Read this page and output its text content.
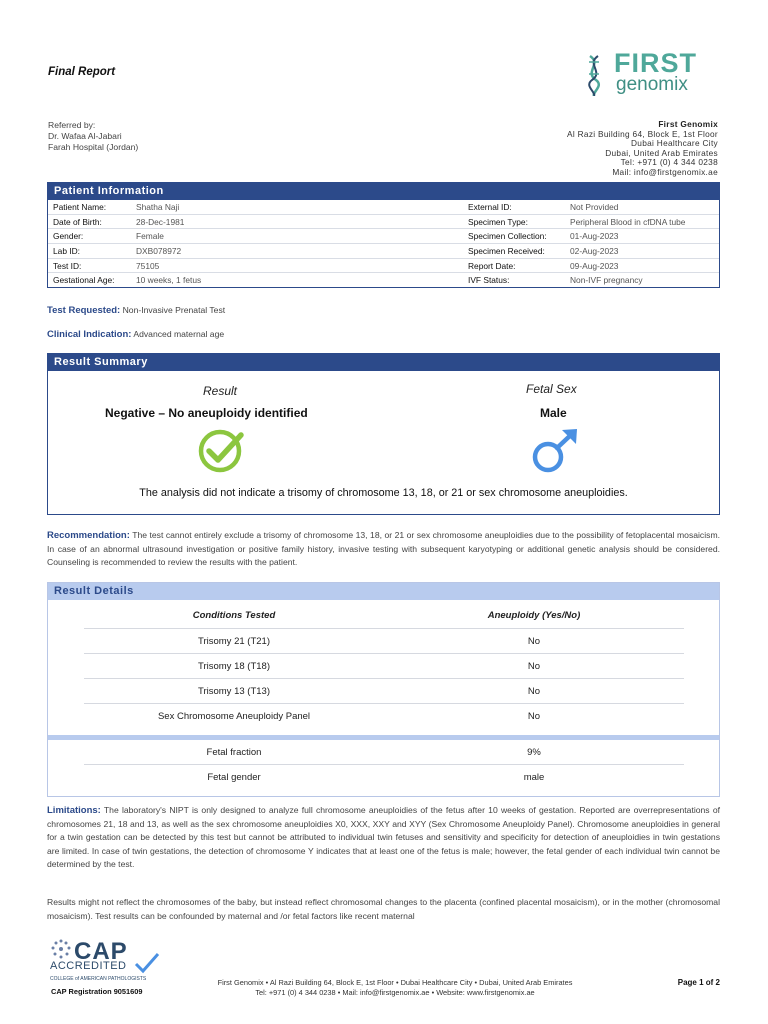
Final Report	FIRST
genomix
Referred by:
Dr. Wafaa Al-Jabari
Farah Hospital (Jordan)
First Genomix
Al Razi Building 64, Block E, 1st Floor
Dubai Healthcare City
Dubai, United Arab Emirates
Tel: +971 (0) 4 344 0238
Mail: info@firstgenomix.ae
Patient Information
Patient Name:	Shatha Naji	External ID:	Not Provided
Date of Birth:	28-Dec-1981	Specimen Type:	Peripheral Blood in cfDNA tube
Gender:	Female	Specimen Collection:	01-Aug-2023
Lab ID:	DXB078972	Specimen Received:	02-Aug-2023
Test ID:	75105	Report Date:	09-Aug-2023
Gestational Age:	10 weeks, 1 fetus	IVF Status:	Non-IVF pregnancy
Test Requested: Non-Invasive Prenatal Test
Clinical Indication: Advanced maternal age
Result Summary
Result
Negative – No aneuploidy identified
Fetal Sex
Male
The analysis did not indicate a trisomy of chromosome 13, 18, or 21 or sex chromosome aneuploidies.
Recommendation: The test cannot entirely exclude a trisomy of chromosome 13, 18, or 21 or sex chromosome aneuploidies due to the possibility of fetoplacental mosaicism. In case of an abnormal ultrasound investigation or positive family history, invasive testing with subsequent karyotyping or additional genetic analysis should be considered. Counseling is recommended to review the results with the patient.
Result Details
Conditions Tested	Aneuploidy (Yes/No)
Trisomy 21 (T21)	No
Trisomy 18 (T18)	No
Trisomy 13 (T13)	No
Sex Chromosome Aneuploidy Panel	No
Fetal fraction	9%
Fetal gender	male
Limitations: The laboratory's NIPT is only designed to analyze full chromosome aneuploidies of the fetus after 10 weeks of gestation. Reported are overrepresentations of chromosomes 21, 18 and 13, as well as the sex chromosome aneuploidies X0, XXX, XXY and XYY (Sex Chromosome Aneuploidy Panel). Chromosome aneuploidies in general for a twin gestation can be detected by this test but cannot be attributed to individual twin fetuses and sensitivity and specificity for detection of aneuploidies in twin gestations are limited. In case of twin gestations, the detection of chromosome Y indicates that at least one of the fetus is male; however, the fetal gender of each individual twin cannot be determined by the test.
Results might not reflect the chromosomes of the baby, but instead reflect chromosomal changes to the placenta (confined placental mosaicism), or in the mother (chromosomal mosaicism). Test results can be confounded by maternal and /or fetal factors like recent maternal
CAP
ACCREDITED
COLLEGE of AMERICAN PATHOLOGISTS
CAP Registration 9051609
First Genomix • Al Razi Building 64, Block E, 1st Floor • Dubai Healthcare City • Dubai, United Arab Emirates
Tel: +971 (0) 4 344 0238 • Mail: info@firstgenomix.ae • Website: www.firstgenomix.ae
Page 1 of 2
